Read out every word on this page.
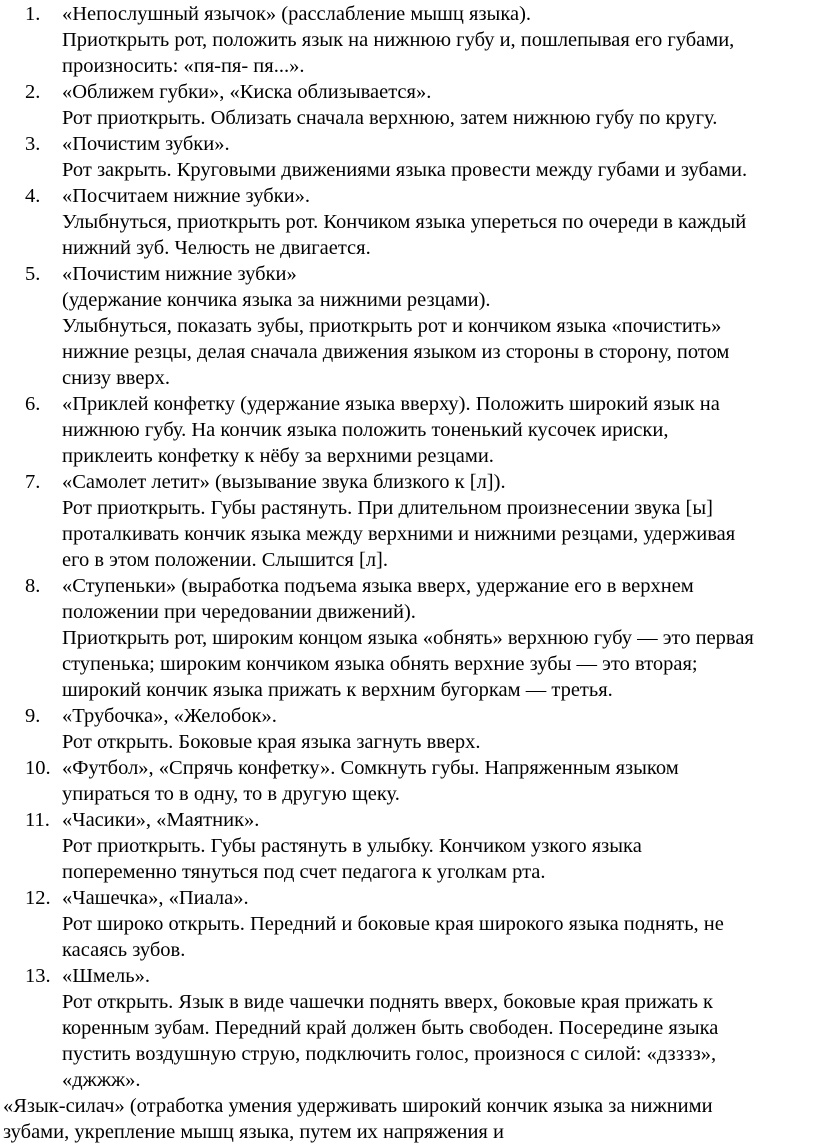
1.	«Непослушный язычок» (расслабление мышц языка).
Приоткрыть рот, положить язык на нижнюю губу и, пошлепывая его губами,
произносить: «пя-пя- пя...».
2.	«Оближем губки», «Киска облизывается».
Рот приоткрыть. Облизать сначала верхнюю, затем нижнюю губу по кругу.
3.	«Почистим зубки».
Рот закрыть. Круговыми движениями языка провести между губами и зубами.
4.	«Посчитаем нижние зубки».
Улыбнуться, приоткрыть рот. Кончиком языка упереться по очереди в каждый
нижний зуб. Челюсть не двигается.
5.	«Почистим нижние зубки»
(удержание кончика языка за нижними резцами).
Улыбнуться, показать зубы, приоткрыть рот и кончиком языка «почистить»
нижние резцы, делая сначала движения языком из стороны в сторону, потом
снизу вверх.
6.	«Приклей конфетку (удержание языка вверху). Положить широкий язык на
нижнюю губу. На кончик языка положить тоненький кусочек ириски,
приклеить конфетку к нёбу за верхними резцами.
7.	«Самолет летит» (вызывание звука близкого к [л]).
Рот приоткрыть. Губы растянуть. При длительном произнесении звука [ы]
проталкивать кончик языка между верхними и нижними резцами, удерживая
его в этом положении. Слышится [л].
8.	«Ступеньки» (выработка подъема языка вверх, удержание его в верхнем
положении при чередовании движений).
Приоткрыть рот, широким концом языка «обнять» верхнюю губу — это первая
ступенька; широким кончиком языка обнять верхние зубы — это вторая;
широкий кончик языка прижать к верхним бугоркам — третья.
9.	«Трубочка», «Желобок».
Рот открыть. Боковые края языка загнуть вверх.
10. «Футбол», «Спрячь конфетку». Сомкнуть губы. Напряженным языком
упираться то в одну, то в другую щеку.
11. «Часики», «Маятник».
Рот приоткрыть. Губы растянуть в улыбку. Кончиком узкого языка
попеременно тянуться под счет педагога к уголкам рта.
12. «Чашечка», «Пиала».
Рот широко открыть. Передний и боковые края широкого языка поднять, не
касаясь зубов.
13. «Шмель».
Рот открыть. Язык в виде чашечки поднять вверх, боковые края прижать к
коренным зубам. Передний край должен быть свободен. Посередине языка
пустить воздушную струю, подключить голос, произнося с силой: «дзззз»,
«джжж».
«Язык-силач» (отработка умения удерживать широкий кончик языка за нижними
зубами, укрепление мышц языка, путем их напряжения и
